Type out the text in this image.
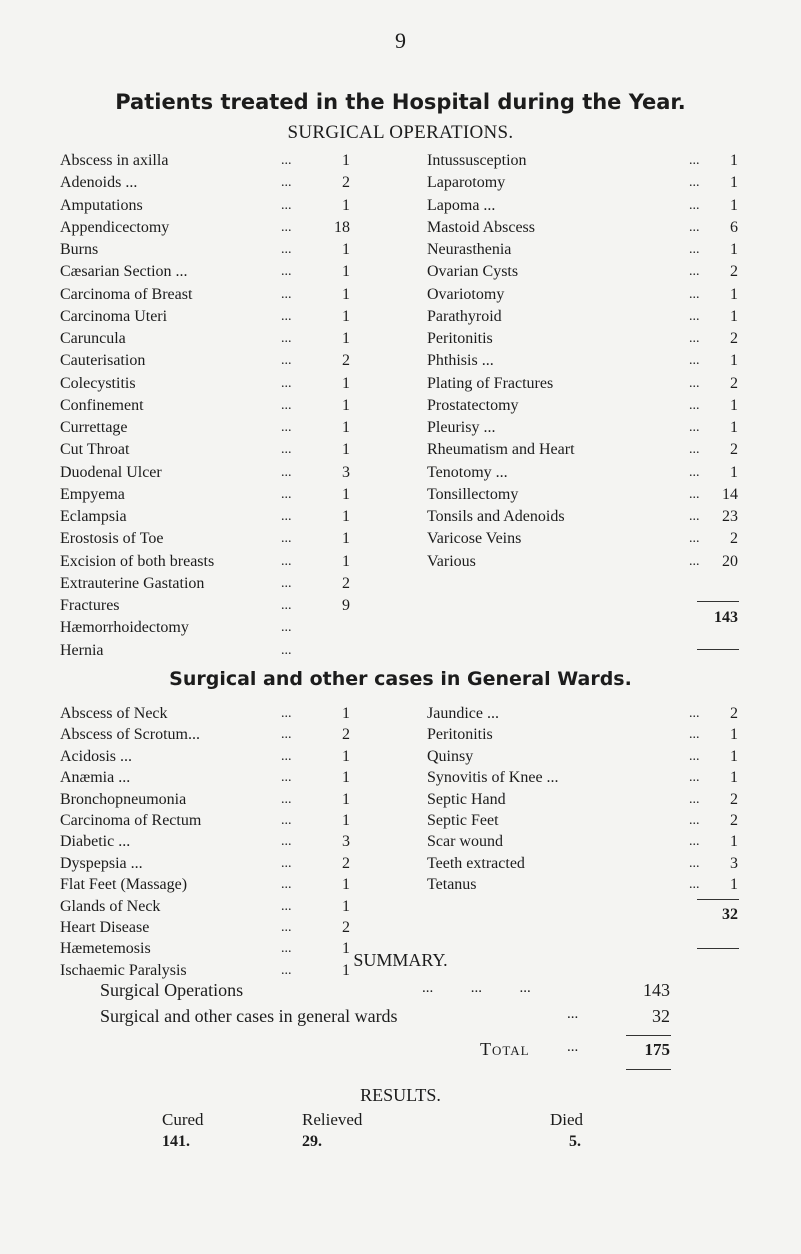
9
Patients treated in the Hospital during the Year.
SURGICAL OPERATIONS.
Abscess in axilla	...	1
Adenoids ...	...	2
Amputations	...	1
Appendicectomy	...	18
Burns	...	1
Cæsarian Section ...	...	1
Carcinoma of Breast	...	1
Carcinoma Uteri	...	1
Caruncula	...	1
Cauterisation	...	2
Colecystitis	...	1
Confinement	...	1
Currettage	...	1
Cut Throat	...	1
Duodenal Ulcer	...	3
Empyema	...	1
Eclampsia	...	1
Erostosis of Toe	...	1
Excision of both breasts	...	1
Extrauterine Gastation	...	2
Fractures	...	9
Hæmorrhoidectomy	...
Hernia	...
Intussusception	...	1
Laparotomy	...	1
Lapoma ...	...	1
Mastoid Abscess	...	6
Neurasthenia	...	1
Ovarian Cysts	...	2
Ovariotomy	...	1
Parathyroid	...	1
Peritonitis	...	2
Phthisis ...	...	1
Plating of Fractures	...	2
Prostatectomy	...	1
Pleurisy ...	...	1
Rheumatism and Heart	...	2
Tenotomy ...	...	1
Tonsillectomy	...	14
Tonsils and Adenoids	...	23
Varicose Veins	...	2
Various	...	20
143
Surgical and other cases in General Wards.
Abscess of Neck	...	1
Abscess of Scrotum...	...	2
Acidosis ...	...	1
Anæmia ...	...	1
Bronchopneumonia	...	1
Carcinoma of Rectum	...	1
Diabetic ...	...	3
Dyspepsia ...	...	2
Flat Feet (Massage)	...	1
Glands of Neck	...	1
Heart Disease	...	2
Hæmetemosis	...	1
Ischaemic Paralysis	...	1
Jaundice ...	...	2
Peritonitis	...	1
Quinsy	...	1
Synovitis of Knee ...	...	1
Septic Hand	...	2
Septic Feet	...	2
Scar wound	...	1
Teeth extracted	...	3
Tetanus	...	1
32
SUMMARY.
Surgical Operations	...          ...          ...	143
Surgical and other cases in general wards	...	32
Total ...	175
RESULTS.
Cured	Relieved	Died
141.	29.	5.
